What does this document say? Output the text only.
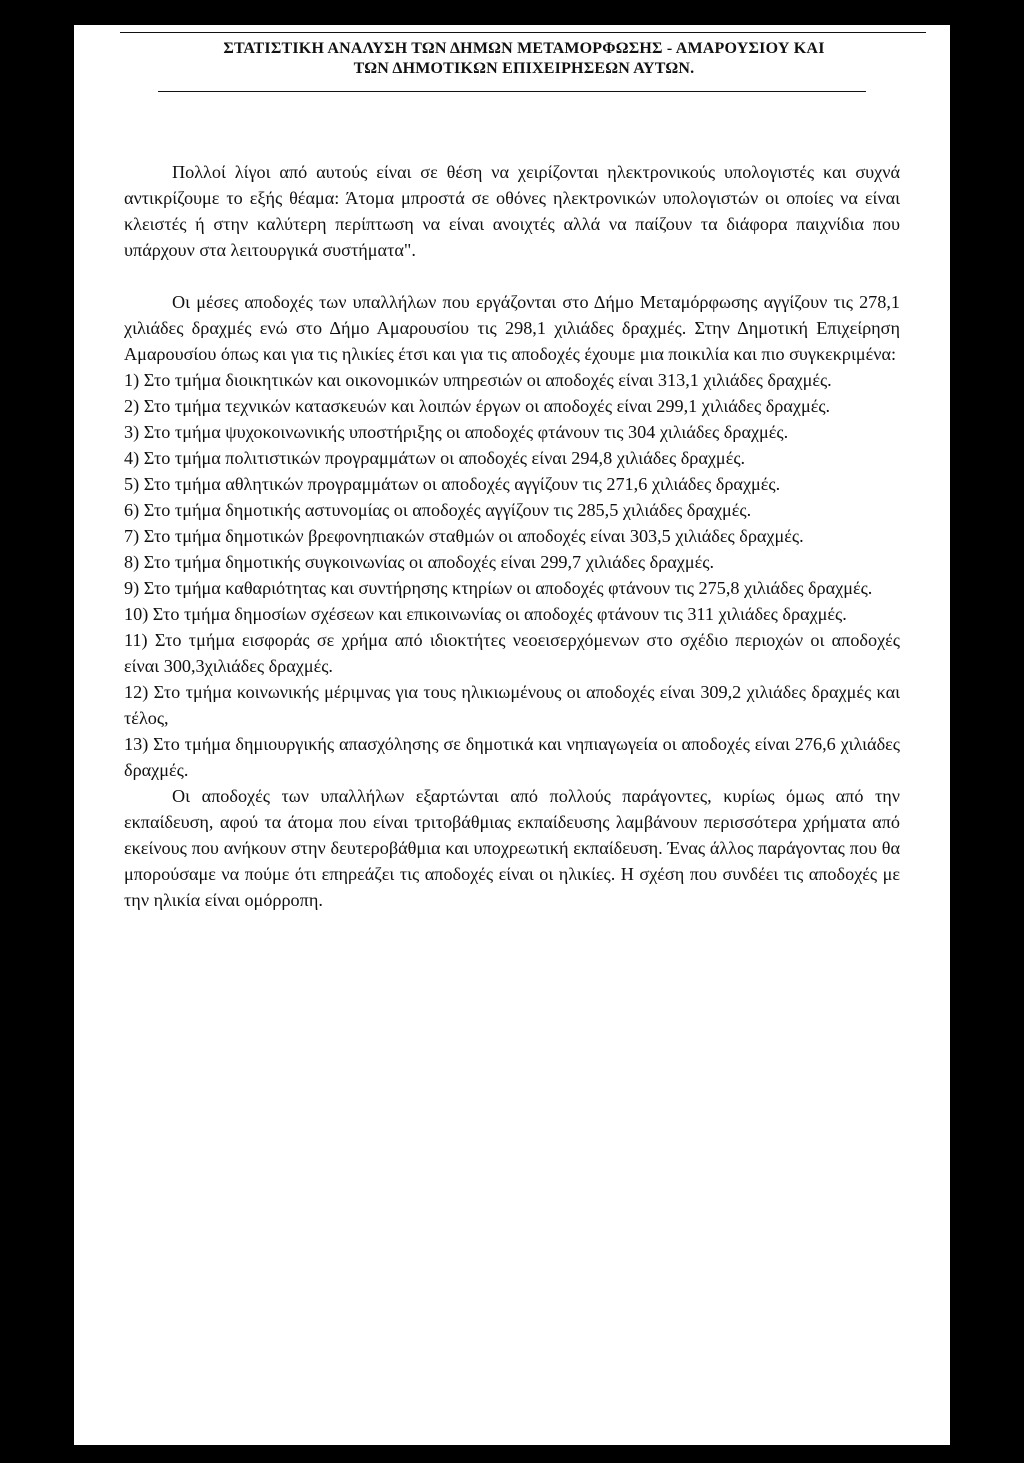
ΣΤΑΤΙΣΤΙΚΗ ΑΝΑΛΥΣΗ ΤΩΝ ΔΗΜΩΝ ΜΕΤΑΜΟΡΦΩΣΗΣ - ΑΜΑΡΟΥΣΙΟΥ ΚΑΙ
ΤΩΝ ΔΗΜΟΤΙΚΩΝ ΕΠΙΧΕΙΡΗΣΕΩΝ ΑΥΤΩΝ.

Πολλοί λίγοι από αυτούς είναι σε θέση να χειρίζονται ηλεκτρονικούς υπολογιστές και συχνά αντικρίζουμε το εξής θέαμα: Άτομα μπροστά σε οθόνες ηλεκτρονικών υπολογιστών οι οποίες να είναι κλειστές ή στην καλύτερη περίπτωση να είναι ανοιχτές αλλά να παίζουν τα διάφορα παιχνίδια που υπάρχουν στα λειτουργικά συστήματα".

Οι μέσες αποδοχές των υπαλλήλων που εργάζονται στο Δήμο Μεταμόρφωσης αγγίζουν τις 278,1 χιλιάδες δραχμές ενώ στο Δήμο Αμαρουσίου τις 298,1 χιλιάδες δραχμές. Στην Δημοτική Επιχείρηση Αμαρουσίου όπως και για τις ηλικίες έτσι και για τις αποδοχές έχουμε μια ποικιλία και πιο συγκεκριμένα:

1) Στο τμήμα διοικητικών και οικονομικών υπηρεσιών οι αποδοχές είναι 313,1 χιλιάδες δραχμές.

2) Στο τμήμα τεχνικών κατασκευών και λοιπών έργων οι αποδοχές είναι 299,1 χιλιάδες δραχμές.

3) Στο τμήμα ψυχοκοινωνικής υποστήριξης οι αποδοχές φτάνουν τις 304 χιλιάδες δραχμές.

4) Στο τμήμα πολιτιστικών προγραμμάτων οι αποδοχές είναι 294,8 χιλιάδες δραχμές.

5) Στο τμήμα αθλητικών προγραμμάτων οι αποδοχές αγγίζουν τις 271,6 χιλιάδες δραχμές.

6) Στο τμήμα δημοτικής αστυνομίας οι αποδοχές αγγίζουν τις 285,5 χιλιάδες δραχμές.

7) Στο τμήμα δημοτικών βρεφονηπιακών σταθμών οι αποδοχές είναι 303,5 χιλιάδες δραχμές.

8) Στο τμήμα δημοτικής συγκοινωνίας οι αποδοχές είναι 299,7 χιλιάδες δραχμές.

9) Στο τμήμα καθαριότητας και συντήρησης κτηρίων οι αποδοχές φτάνουν τις 275,8 χιλιάδες δραχμές.

10) Στο τμήμα δημοσίων σχέσεων και επικοινωνίας οι αποδοχές φτάνουν τις 311 χιλιάδες δραχμές.

11) Στο τμήμα εισφοράς σε χρήμα από ιδιοκτήτες νεοεισερχόμενων στο σχέδιο περιοχών οι αποδοχές είναι 300,3χιλιάδες δραχμές.

12) Στο τμήμα κοινωνικής μέριμνας για τους ηλικιωμένους οι αποδοχές είναι 309,2 χιλιάδες δραχμές και τέλος,

13) Στο τμήμα δημιουργικής απασχόλησης σε δημοτικά και νηπιαγωγεία οι αποδοχές είναι 276,6 χιλιάδες δραχμές.

Οι αποδοχές των υπαλλήλων εξαρτώνται από πολλούς παράγοντες, κυρίως όμως από την εκπαίδευση, αφού τα άτομα που είναι τριτοβάθμιας εκπαίδευσης λαμβάνουν περισσότερα χρήματα από εκείνους που ανήκουν στην δευτεροβάθμια και υποχρεωτική εκπαίδευση. Ένας άλλος παράγοντας που θα μπορούσαμε να πούμε ότι επηρεάζει τις αποδοχές είναι οι ηλικίες. Η σχέση που συνδέει τις αποδοχές με την ηλικία είναι ομόρροπη.
